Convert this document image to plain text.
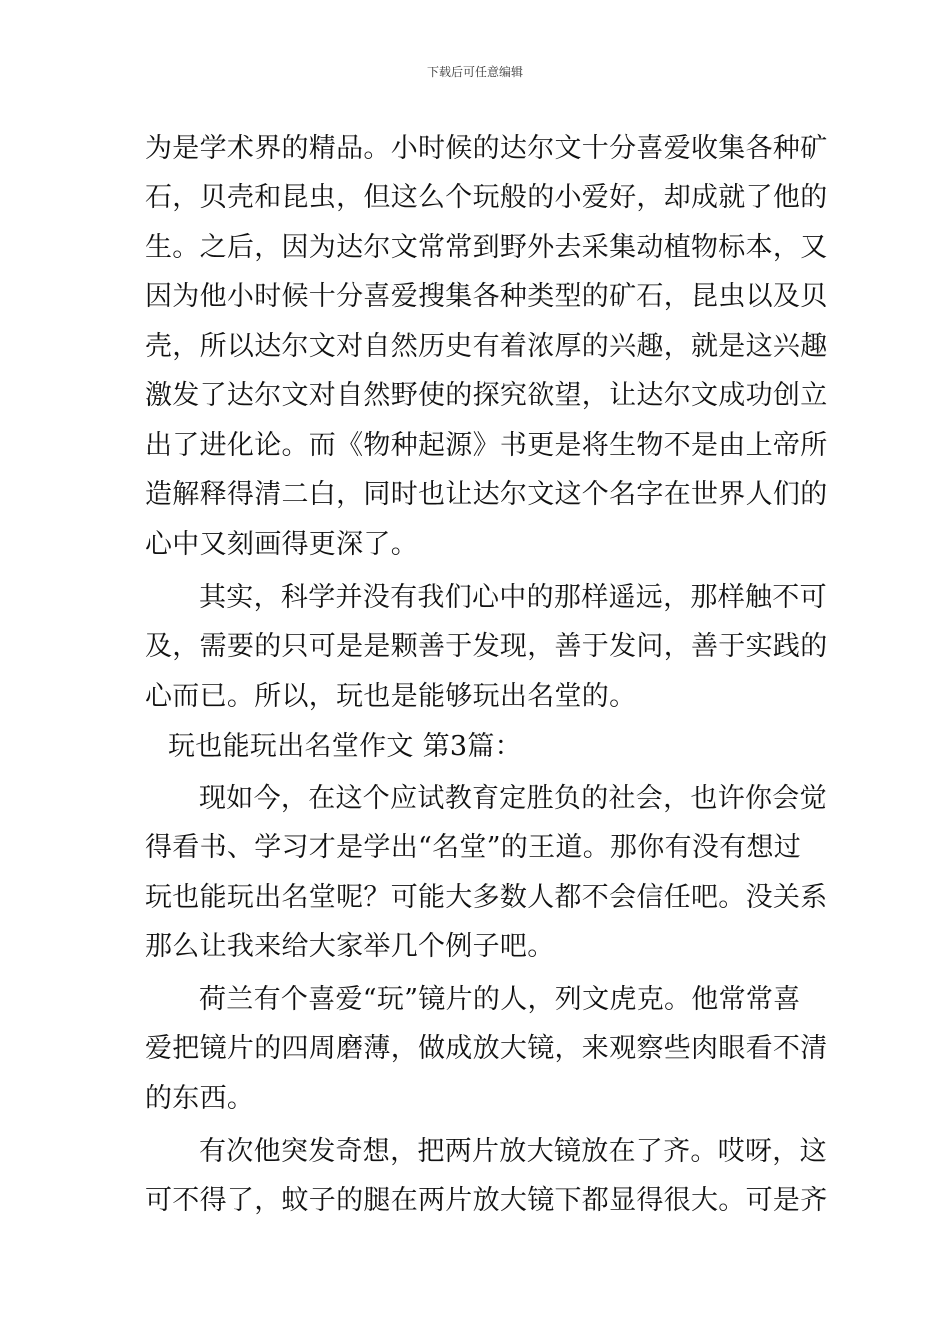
下载后可任意编辑
为是学术界的精品。小时候的达尔文十分喜爱收集各种矿
石，贝壳和昆虫，但这么个玩般的小爱好，却成就了他的
生。之后，因为达尔文常常到野外去采集动植物标本，又
因为他小时候十分喜爱搜集各种类型的矿石，昆虫以及贝
壳，所以达尔文对自然历史有着浓厚的兴趣，就是这兴趣
激发了达尔文对自然野使的探究欲望，让达尔文成功创立
出了进化论。而《物种起源》书更是将生物不是由上帝所
造解释得清二白，同时也让达尔文这个名字在世界人们的
心中又刻画得更深了。
其实，科学并没有我们心中的那样遥远，那样触不可
及，需要的只可是是颗善于发现，善于发问，善于实践的
心而已。所以，玩也是能够玩出名堂的。
玩也能玩出名堂作文 第3篇：
现如今，在这个应试教育定胜负的社会，也许你会觉
得看书、学习才是学出“名堂”的王道。那你有没有想过
玩也能玩出名堂呢？可能大多数人都不会信任吧。没关系
那么让我来给大家举几个例子吧。
荷兰有个喜爱“玩”镜片的人，列文虎克。他常常喜
爱把镜片的四周磨薄，做成放大镜，来观察些肉眼看不清
的东西。
有次他突发奇想，把两片放大镜放在了齐。哎呀，这
可不得了，蚊子的腿在两片放大镜下都显得很大。可是齐
